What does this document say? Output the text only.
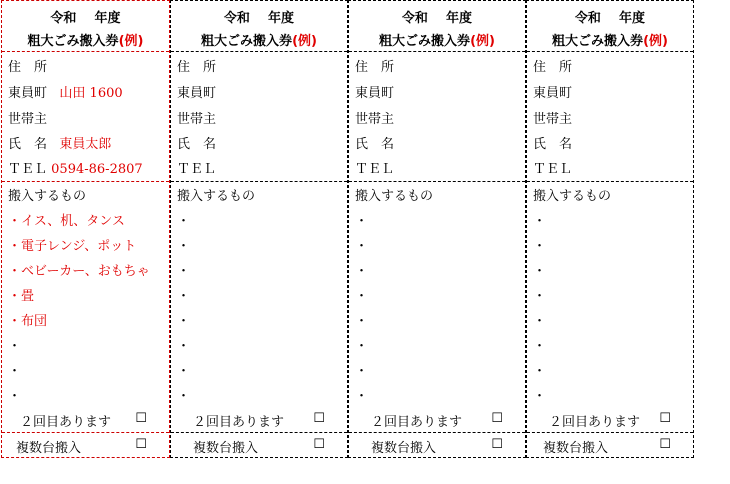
令和 年度
粗大ごみ搬入券(例)
住　所
東員町 山田 1600
世帯主
氏　名 東員太郎
ＴＥＬ 0594-86-2807
搬入するもの
・イス、机、タンス
・電子レンジ、ポット
・ベビーカー、おもちゃ
・畳
・布団
・
・
・
２回目あります ☐
複数台搬入	☐
令和 年度
粗大ごみ搬入券(例)
住　所
東員町
世帯主
氏　名
ＴＥＬ
搬入するもの
・
・
・
・
・
・
・
・
２回目あります ☐
複数台搬入	☐
令和 年度
粗大ごみ搬入券(例)
住　所
東員町
世帯主
氏　名
ＴＥＬ
搬入するもの
・
・
・
・
・
・
・
・
２回目あります ☐
複数台搬入	☐
令和 年度
粗大ごみ搬入券(例)
住　所
東員町
世帯主
氏　名
ＴＥＬ
搬入するもの
・
・
・
・
・
・
・
・
２回目あります ☐
複数台搬入	☐
